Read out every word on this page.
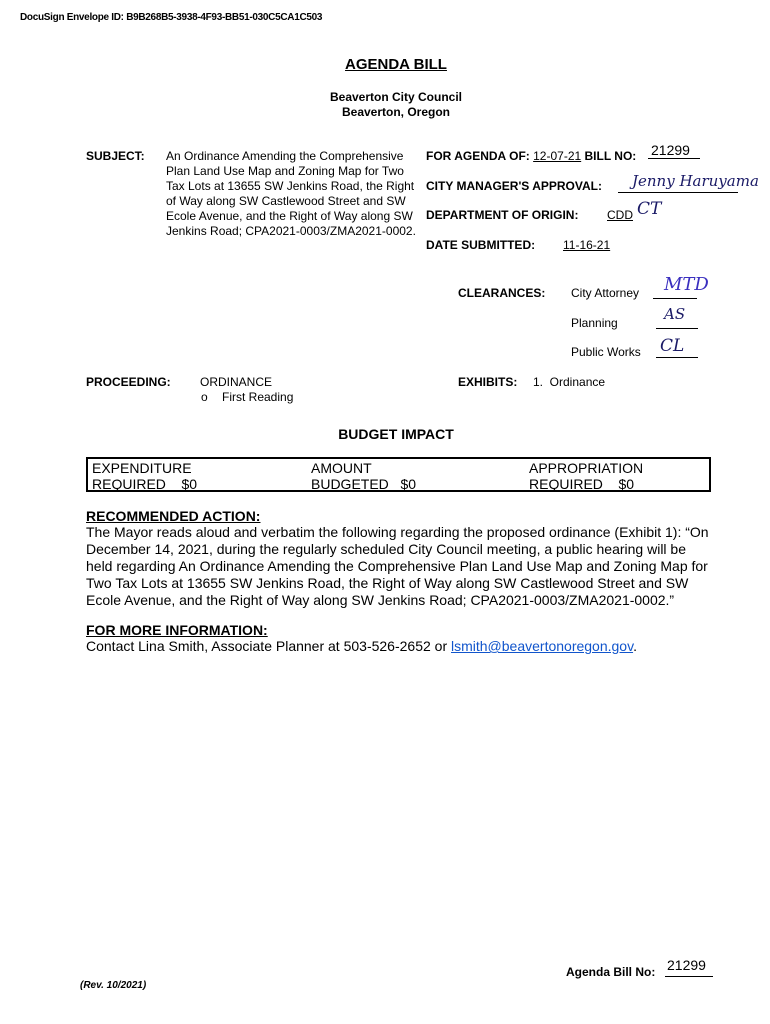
DocuSign Envelope ID: B9B268B5-3938-4F93-BB51-030C5CA1C503
AGENDA BILL
Beaverton City Council
Beaverton, Oregon
SUBJECT: An Ordinance Amending the Comprehensive Plan Land Use Map and Zoning Map for Two Tax Lots at 13655 SW Jenkins Road, the Right of Way along SW Castlewood Street and SW Ecole Avenue, and the Right of Way along SW Jenkins Road; CPA2021-0003/ZMA2021-0002.
FOR AGENDA OF: 12-07-21 BILL NO: 21299
CITY MANAGER'S APPROVAL: Jenny Haruyama
DEPARTMENT OF ORIGIN: CDD CT
DATE SUBMITTED: 11-16-21
CLEARANCES: City Attorney MTD
Planning	AS
Public Works CL
PROCEEDING: ORDINANCE
o First Reading
EXHIBITS: 1.  Ordinance
BUDGET IMPACT
EXPENDITURE
REQUIRED    $0
AMOUNT
BUDGETED   $0
APPROPRIATION
REQUIRED    $0
RECOMMENDED ACTION:
The Mayor reads aloud and verbatim the following regarding the proposed ordinance (Exhibit 1): “On December 14, 2021, during the regularly scheduled City Council meeting, a public hearing will be held regarding An Ordinance Amending the Comprehensive Plan Land Use Map and Zoning Map for Two Tax Lots at 13655 SW Jenkins Road, the Right of Way along SW Castlewood Street and SW Ecole Avenue, and the Right of Way along SW Jenkins Road; CPA2021-0003/ZMA2021-0002.”
FOR MORE INFORMATION:
Contact Lina Smith, Associate Planner at 503-526-2652 or lsmith@beavertonoregon.gov.
(Rev. 10/2021)
Agenda Bill No: 21299
